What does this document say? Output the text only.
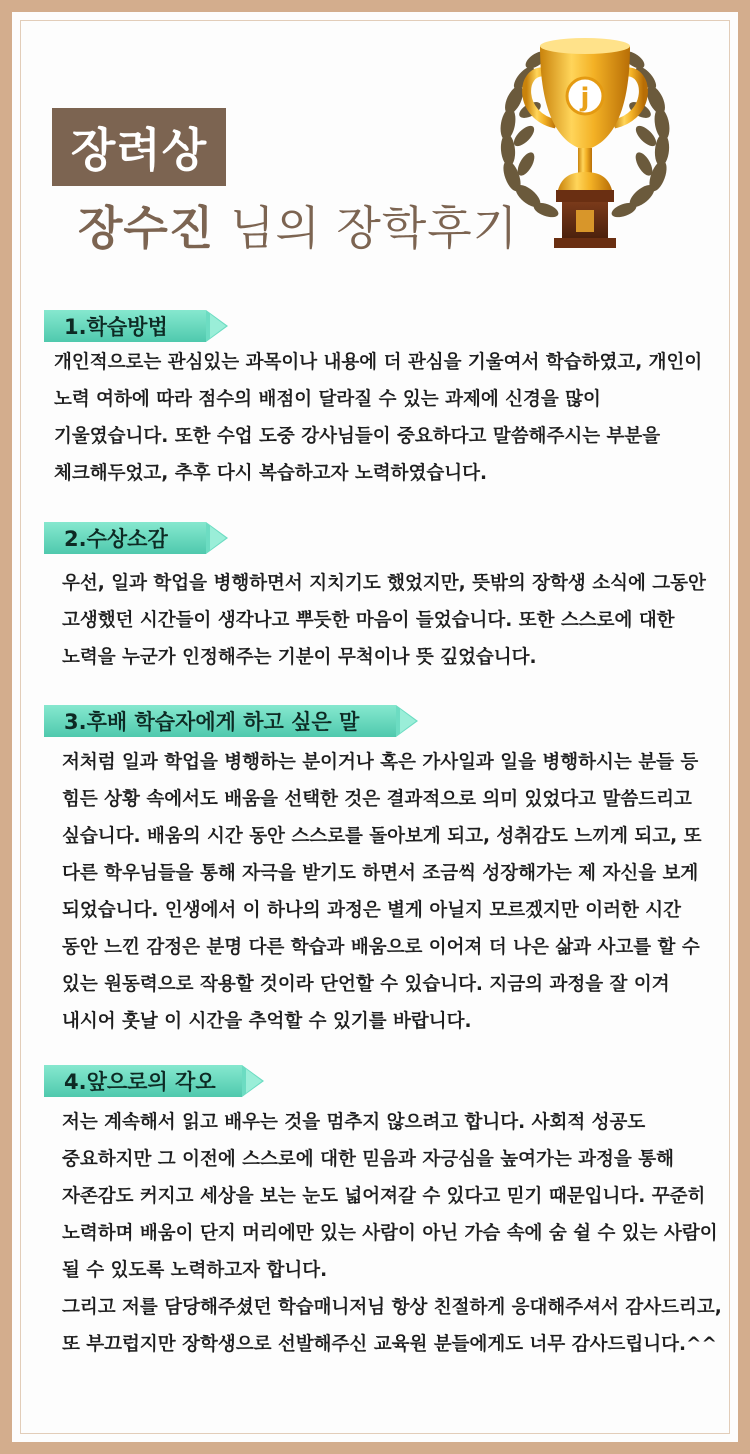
장려상
장수진 님의 장학후기
j
1.학습방법

개인적으로는 관심있는 과목이나 내용에 더 관심을 기울여서 학습하였고, 개인이 노력 여하에 따라 점수의 배점이 달라질 수 있는 과제에 신경을 많이 기울였습니다. 또한 수업 도중 강사님들이 중요하다고 말씀해주시는 부분을 체크해두었고, 추후 다시 복습하고자 노력하였습니다.

2.수상소감

우선, 일과 학업을 병행하면서 지치기도 했었지만, 뜻밖의 장학생 소식에 그동안 고생했던 시간들이 생각나고 뿌듯한 마음이 들었습니다. 또한 스스로에 대한 노력을 누군가 인정해주는 기분이 무척이나 뜻 깊었습니다.

3.후배 학습자에게 하고 싶은 말

저처럼 일과 학업을 병행하는 분이거나 혹은 가사일과 일을 병행하시는 분들 등 힘든 상황 속에서도 배움을 선택한 것은 결과적으로 의미 있었다고 말씀드리고 싶습니다. 배움의 시간 동안 스스로를 돌아보게 되고, 성취감도 느끼게 되고, 또 다른 학우님들을 통해 자극을 받기도 하면서 조금씩 성장해가는 제 자신을 보게 되었습니다. 인생에서 이 하나의 과정은 별게 아닐지 모르겠지만 이러한 시간 동안 느낀 감정은 분명 다른 학습과 배움으로 이어져 더 나은 삶과 사고를 할 수 있는 원동력으로 작용할 것이라 단언할 수 있습니다. 지금의 과정을 잘 이겨 내시어 훗날 이 시간을 추억할 수 있기를 바랍니다.

4.앞으로의 각오

저는 계속해서 읽고 배우는 것을 멈추지 않으려고 합니다. 사회적 성공도 중요하지만 그 이전에 스스로에 대한 믿음과 자긍심을 높여가는 과정을 통해 자존감도 커지고 세상을 보는 눈도 넓어져갈 수 있다고 믿기 때문입니다. 꾸준히 노력하며 배움이 단지 머리에만 있는 사람이 아닌 가슴 속에 숨 쉴 수 있는 사람이 될 수 있도록 노력하고자 합니다.

그리고 저를 담당해주셨던 학습매니저님 항상 친절하게 응대해주셔서 감사드리고, 또 부끄럽지만 장학생으로 선발해주신 교육원 분들에게도 너무 감사드립니다.^^
